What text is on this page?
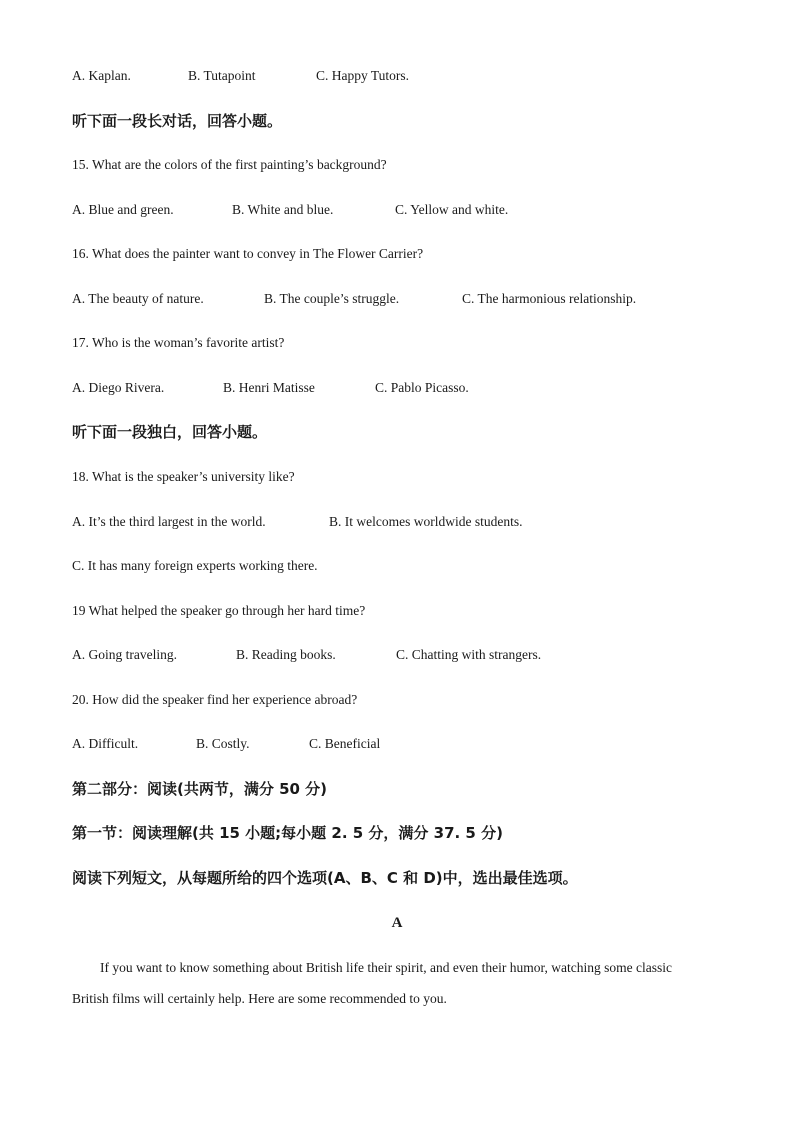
A. Kaplan.	B. Tutapoint	C. Happy Tutors.
听下面一段长对话，回答小题。
15. What are the colors of the first painting’s background?
A. Blue and green.	B. White and blue.	C. Yellow and white.
16. What does the painter want to convey in The Flower Carrier?
A. The beauty of nature.	B. The couple’s struggle.	C. The harmonious relationship.
17. Who is the woman’s favorite artist?
A. Diego Rivera.	B. Henri Matisse	C. Pablo Picasso.
听下面一段独白，回答小题。
18. What is the speaker’s university like?
A. It’s the third largest in the world.	B. It welcomes worldwide students.
C. It has many foreign experts working there.
19 What helped the speaker go through her hard time?
A. Going traveling.	B. Reading books.	C. Chatting with strangers.
20. How did the speaker find her experience abroad?
A. Difficult.	B. Costly.	C. Beneficial
第二部分：阅读(共两节，满分 50 分)
第一节：阅读理解(共 15 小题;每小题 2. 5 分，满分 37. 5 分)
阅读下列短文，从每题所给的四个选项(A、B、C 和 D)中，选出最佳选项。
A
If you want to know something about British life their spirit, and even their humor, watching some classic British films will certainly help. Here are some recommended to you.
